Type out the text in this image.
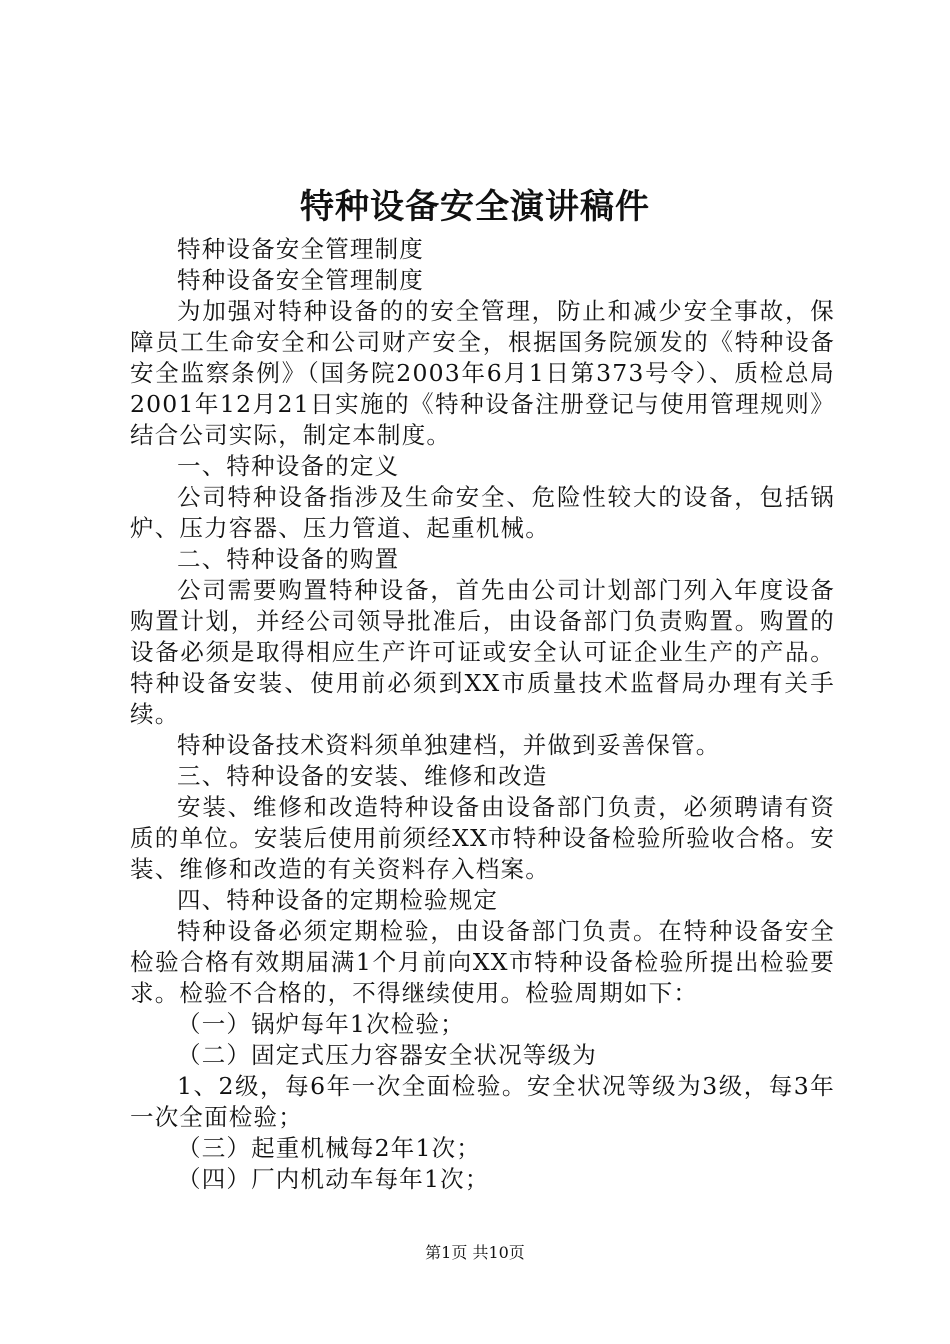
特种设备安全演讲稿件

特种设备安全管理制度

特种设备安全管理制度

为加强对特种设备的的安全管理，防止和减少安全事故，保障员工生命安全和公司财产安全，根据国务院颁发的《特种设备安全监察条例》（国务院2003年6月1日第373号令）、质检总局2001年12月21日实施的《特种设备注册登记与使用管理规则》结合公司实际，制定本制度。

一、特种设备的定义

公司特种设备指涉及生命安全、危险性较大的设备，包括锅炉、压力容器、压力管道、起重机械。

二、特种设备的购置

公司需要购置特种设备，首先由公司计划部门列入年度设备购置计划，并经公司领导批准后，由设备部门负责购置。购置的设备必须是取得相应生产许可证或安全认可证企业生产的产品。特种设备安装、使用前必须到XX市质量技术监督局办理有关手续。

特种设备技术资料须单独建档，并做到妥善保管。

三、特种设备的安装、维修和改造

安装、维修和改造特种设备由设备部门负责，必须聘请有资质的单位。安装后使用前须经XX市特种设备检验所验收合格。安装、维修和改造的有关资料存入档案。

四、特种设备的定期检验规定

特种设备必须定期检验，由设备部门负责。在特种设备安全检验合格有效期届满1个月前向XX市特种设备检验所提出检验要求。检验不合格的，不得继续使用。检验周期如下：

（一）锅炉每年1次检验；

（二）固定式压力容器安全状况等级为

1、2级，每6年一次全面检验。安全状况等级为3级，每3年一次全面检验；

（三）起重机械每2年1次；

（四）厂内机动车每年1次；

第1页 共10页
